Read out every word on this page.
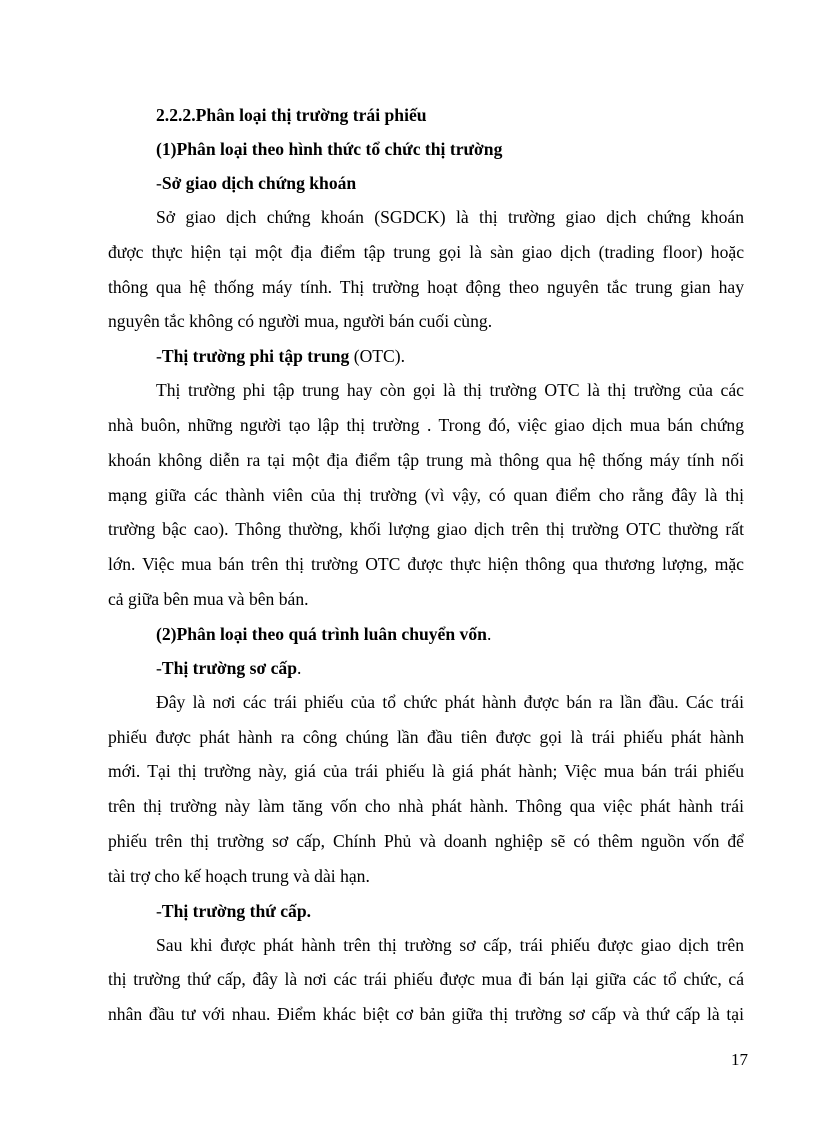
2.2.2.Phân loại thị trường trái phiếu
(1)Phân loại theo hình thức tổ chức thị trường
-Sở giao dịch chứng khoán
Sở giao dịch chứng khoán (SGDCK) là thị trường giao dịch chứng khoán
được thực hiện tại một địa điểm tập trung gọi là sàn giao dịch (trading floor) hoặc
thông qua hệ thống máy tính. Thị trường hoạt động theo nguyên tắc trung gian hay
nguyên tắc không có người mua, người bán cuối cùng.
-Thị trường phi tập trung (OTC).
Thị trường phi tập trung hay còn gọi là thị trường OTC là thị trường của các
nhà buôn, những người tạo lập thị trường . Trong đó, việc giao dịch mua bán chứng
khoán không diễn ra tại một địa điểm tập trung mà thông qua hệ thống máy tính nối
mạng giữa các thành viên của thị trường (vì vậy, có quan điểm cho rằng đây là thị
trường bậc cao). Thông thường, khối lượng giao dịch trên thị trường OTC thường rất
lớn. Việc mua bán trên thị trường OTC được thực hiện thông qua thương lượng, mặc
cả giữa bên mua và bên bán.
(2)Phân loại theo quá trình luân chuyển vốn.
-Thị trường sơ cấp.
Đây là nơi các trái phiếu của tổ chức phát hành được bán ra lần đầu. Các trái
phiếu được phát hành ra công chúng lần đầu tiên được gọi là trái phiếu phát hành
mới. Tại thị trường này, giá của trái phiếu là giá phát hành; Việc mua bán trái phiếu
trên thị trường này làm tăng vốn cho nhà phát hành. Thông qua việc phát hành trái
phiếu trên thị trường sơ cấp, Chính Phủ và doanh nghiệp sẽ có thêm nguồn vốn để
tài trợ cho kế hoạch trung và dài hạn.
-Thị trường thứ cấp.
Sau khi được phát hành trên thị trường sơ cấp, trái phiếu được giao dịch trên
thị trường thứ cấp, đây là nơi các trái phiếu được mua đi bán lại giữa các tổ chức, cá
nhân đầu tư với nhau. Điểm khác biệt cơ bản giữa thị trường sơ cấp và thứ cấp là tại
17
